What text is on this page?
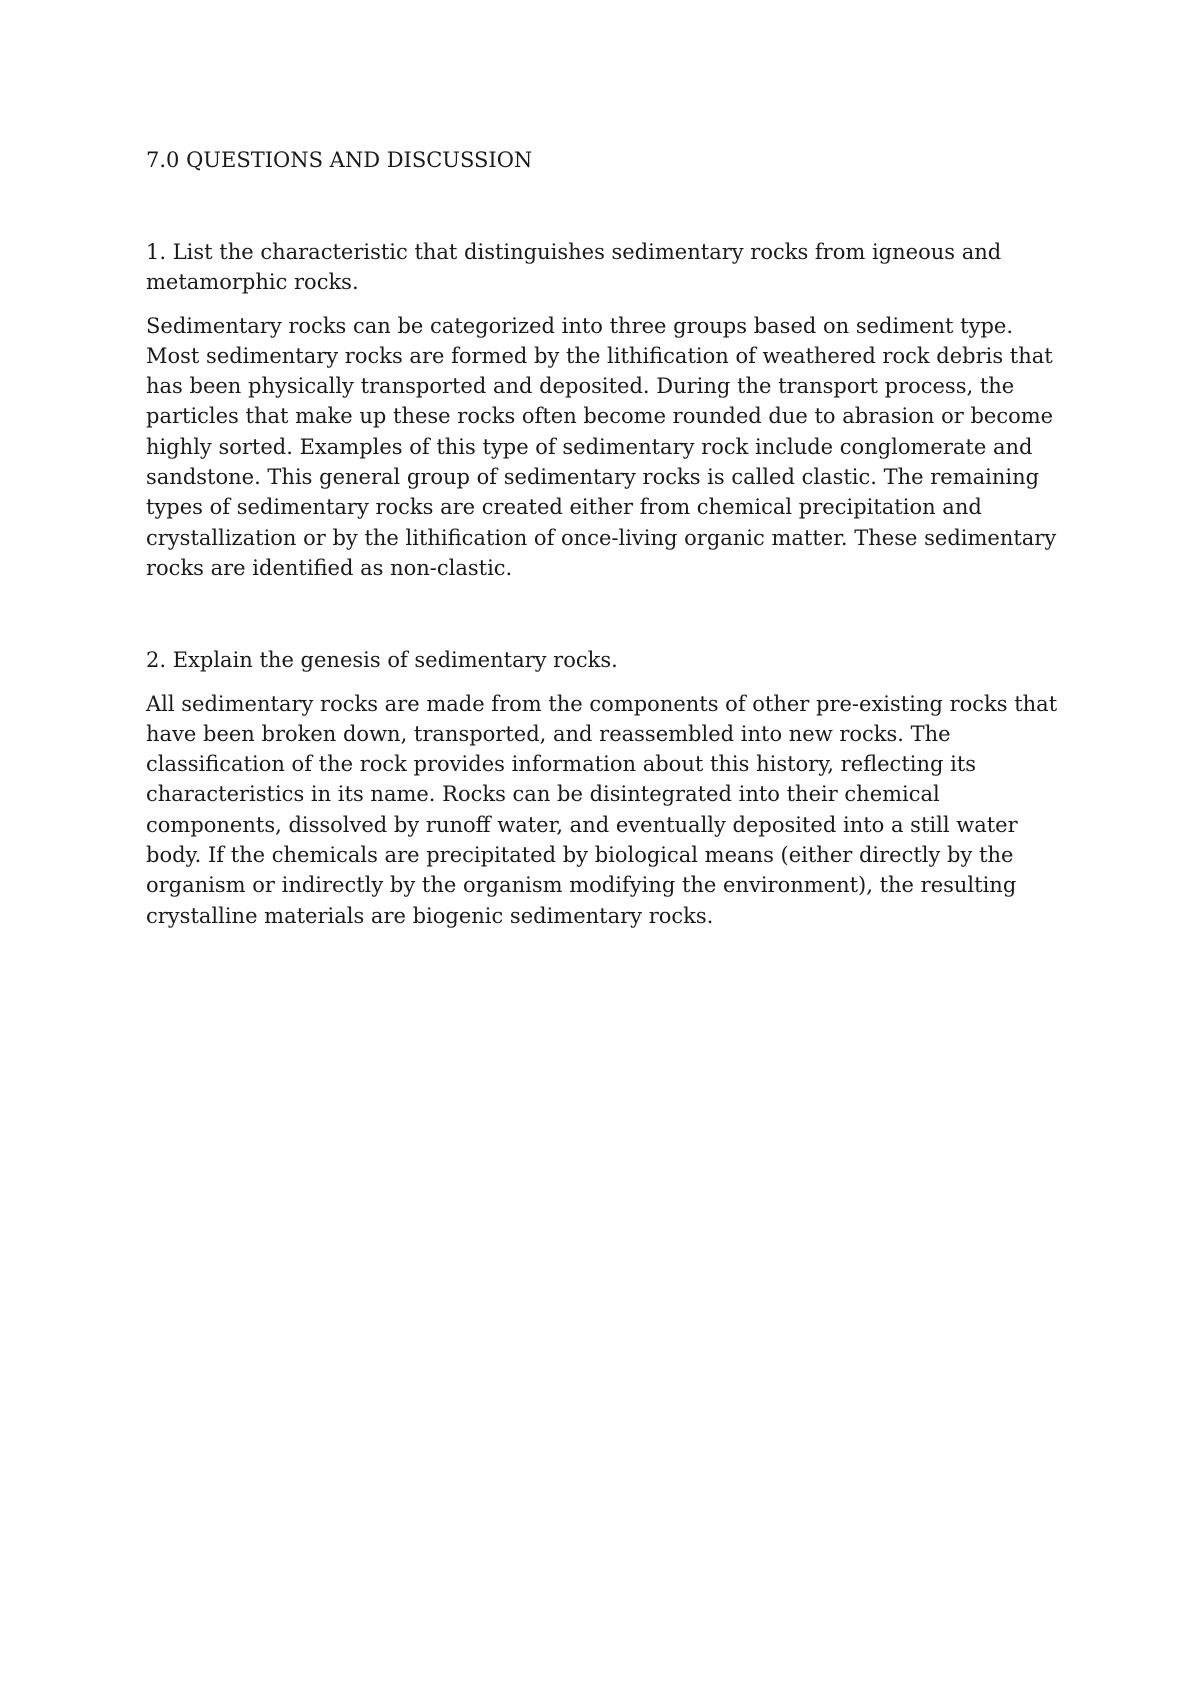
7.0 QUESTIONS AND DISCUSSION

1. List the characteristic that distinguishes sedimentary rocks from igneous and metamorphic rocks.

Sedimentary rocks can be categorized into three groups based on sediment type. Most sedimentary rocks are formed by the lithification of weathered rock debris that has been physically transported and deposited. During the transport process, the particles that make up these rocks often become rounded due to abrasion or become highly sorted. Examples of this type of sedimentary rock include conglomerate and sandstone. This general group of sedimentary rocks is called clastic. The remaining types of sedimentary rocks are created either from chemical precipitation and crystallization or by the lithification of once-living organic matter. These sedimentary rocks are identified as non-clastic.

2. Explain the genesis of sedimentary rocks.

All sedimentary rocks are made from the components of other pre-existing rocks that have been broken down, transported, and reassembled into new rocks. The classification of the rock provides information about this history, reflecting its characteristics in its name. Rocks can be disintegrated into their chemical components, dissolved by runoff water, and eventually deposited into a still water body. If the chemicals are precipitated by biological means (either directly by the organism or indirectly by the organism modifying the environment), the resulting crystalline materials are biogenic sedimentary rocks.
